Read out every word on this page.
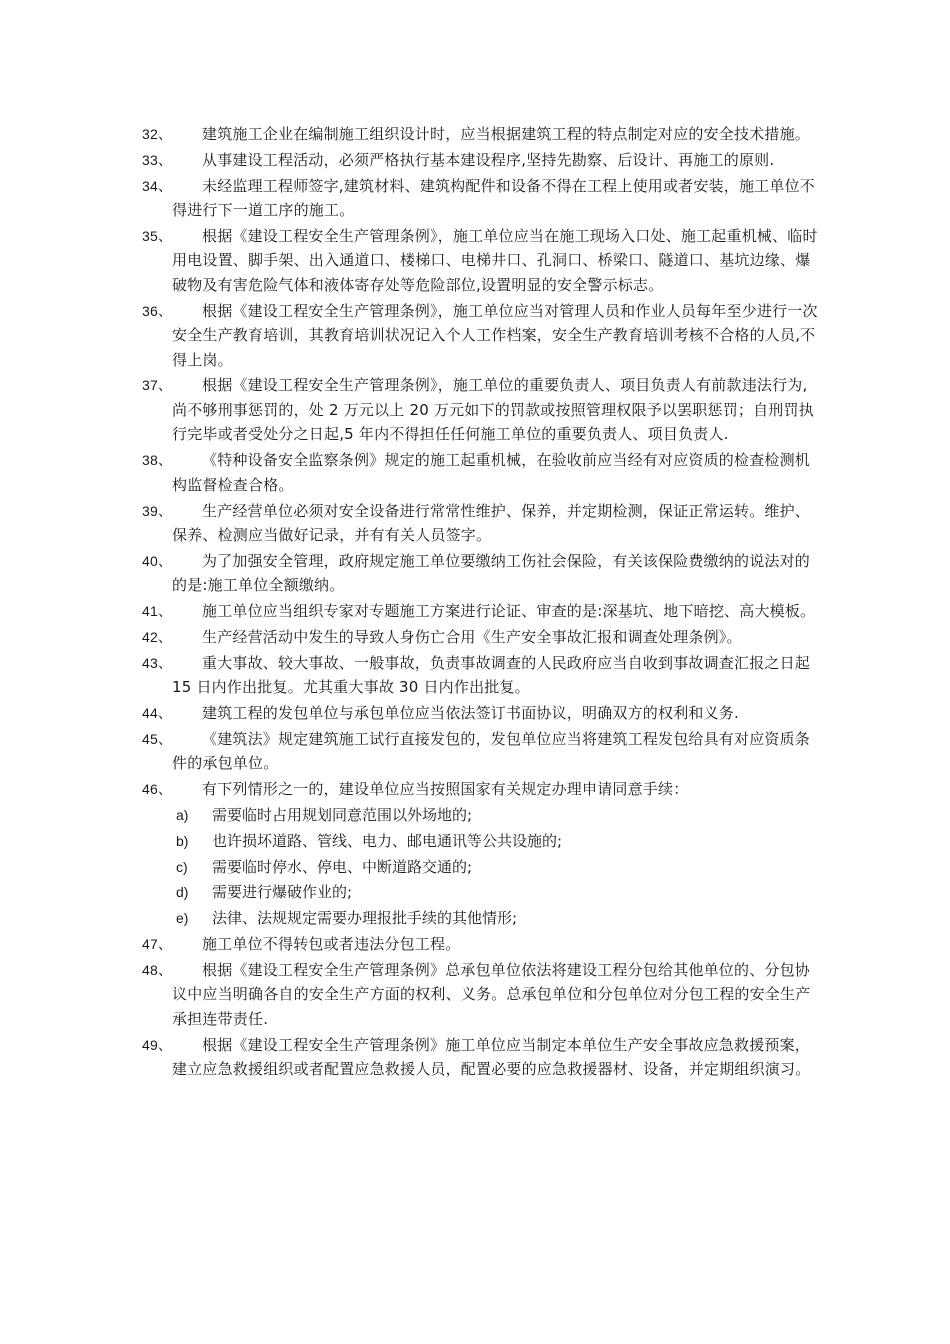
32、	建筑施工企业在编制施工组织设计时，应当根据建筑工程的特点制定对应的安全技术措施。
33、	从事建设工程活动，必须严格执行基本建设程序,坚持先勘察、后设计、再施工的原则.
34、	未经监理工程师签字,建筑材料、建筑构配件和设备不得在工程上使用或者安装，施工单位不得进行下一道工序的施工。
35、	根据《建设工程安全生产管理条例》，施工单位应当在施工现场入口处、施工起重机械、临时用电设置、脚手架、出入通道口、楼梯口、电梯井口、孔洞口、桥梁口、隧道口、基坑边缘、爆破物及有害危险气体和液体寄存处等危险部位,设置明显的安全警示标志。
36、	根据《建设工程安全生产管理条例》，施工单位应当对管理人员和作业人员每年至少进行一次安全生产教育培训，其教育培训状况记入个人工作档案，安全生产教育培训考核不合格的人员,不得上岗。
37、	根据《建设工程安全生产管理条例》，施工单位的重要负责人、项目负责人有前款违法行为,尚不够刑事惩罚的，处 2 万元以上 20 万元如下的罚款或按照管理权限予以罢职惩罚；自刑罚执行完毕或者受处分之日起,5 年内不得担任任何施工单位的重要负责人、项目负责人.
38、	《特种设备安全监察条例》规定的施工起重机械，在验收前应当经有对应资质的检查检测机构监督检查合格。
39、	生产经营单位必须对安全设备进行常常性维护、保养，并定期检测，保证正常运转。维护、保养、检测应当做好记录，并有有关人员签字。
40、	为了加强安全管理，政府规定施工单位要缴纳工伤社会保险，有关该保险费缴纳的说法对的的是:施工单位全额缴纳。
41、	施工单位应当组织专家对专题施工方案进行论证、审查的是:深基坑、地下暗挖、高大模板。
42、	生产经营活动中发生的导致人身伤亡合用《生产安全事故汇报和调查处理条例》。
43、	重大事故、较大事故、一般事故，负责事故调查的人民政府应当自收到事故调查汇报之日起 15 日内作出批复。尤其重大事故 30 日内作出批复。
44、	建筑工程的发包单位与承包单位应当依法签订书面协议，明确双方的权利和义务.
45、	《建筑法》规定建筑施工试行直接发包的，发包单位应当将建筑工程发包给具有对应资质条件的承包单位。
46、	有下列情形之一的，建设单位应当按照国家有关规定办理申请同意手续：
a) 需要临时占用规划同意范围以外场地的;
b) 也许损坏道路、管线、电力、邮电通讯等公共设施的;
c) 需要临时停水、停电、中断道路交通的;
d) 需要进行爆破作业的;
e) 法律、法规规定需要办理报批手续的其他情形;
47、	施工单位不得转包或者违法分包工程。
48、	根据《建设工程安全生产管理条例》总承包单位依法将建设工程分包给其他单位的、分包协议中应当明确各自的安全生产方面的权利、义务。总承包单位和分包单位对分包工程的安全生产承担连带责任.
49、	根据《建设工程安全生产管理条例》施工单位应当制定本单位生产安全事故应急救援预案，建立应急救援组织或者配置应急救援人员，配置必要的应急救援器材、设备，并定期组织演习。
